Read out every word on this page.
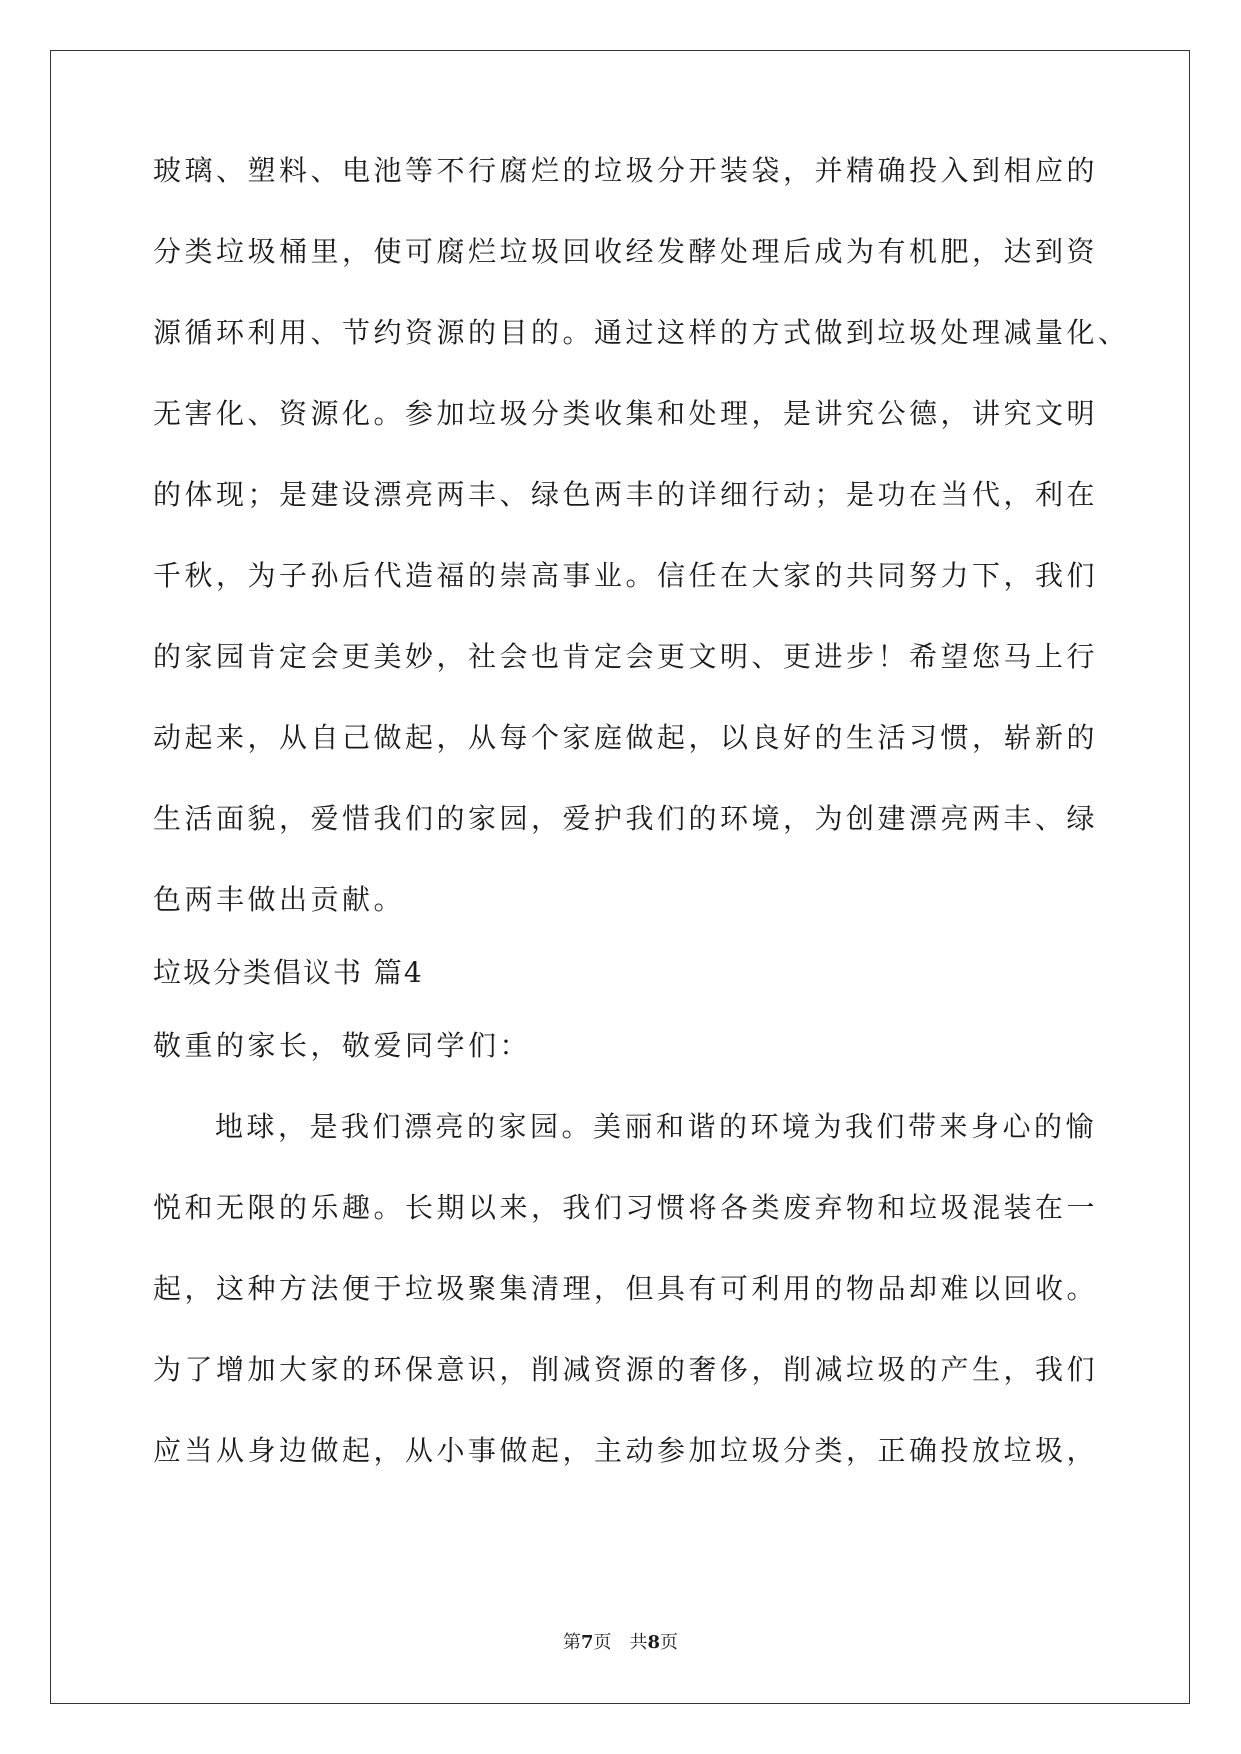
玻璃、塑料、电池等不行腐烂的垃圾分开装袋，并精确投入到相应的

分类垃圾桶里，使可腐烂垃圾回收经发酵处理后成为有机肥，达到资

源循环利用、节约资源的目的。通过这样的方式做到垃圾处理减量化、

无害化、资源化。参加垃圾分类收集和处理，是讲究公德，讲究文明

的体现；是建设漂亮两丰、绿色两丰的详细行动；是功在当代，利在

千秋，为子孙后代造福的崇高事业。信任在大家的共同努力下，我们

的家园肯定会更美妙，社会也肯定会更文明、更进步！希望您马上行

动起来，从自己做起，从每个家庭做起，以良好的生活习惯，崭新的

生活面貌，爱惜我们的家园，爱护我们的环境，为创建漂亮两丰、绿

色两丰做出贡献。

垃圾分类倡议书 篇4

敬重的家长，敬爱同学们：

地球，是我们漂亮的家园。美丽和谐的环境为我们带来身心的愉

悦和无限的乐趣。长期以来，我们习惯将各类废弃物和垃圾混装在一

起，这种方法便于垃圾聚集清理，但具有可利用的物品却难以回收。

为了增加大家的环保意识，削减资源的奢侈，削减垃圾的产生，我们

应当从身边做起，从小事做起，主动参加垃圾分类，正确投放垃圾，

第7页 共8页
